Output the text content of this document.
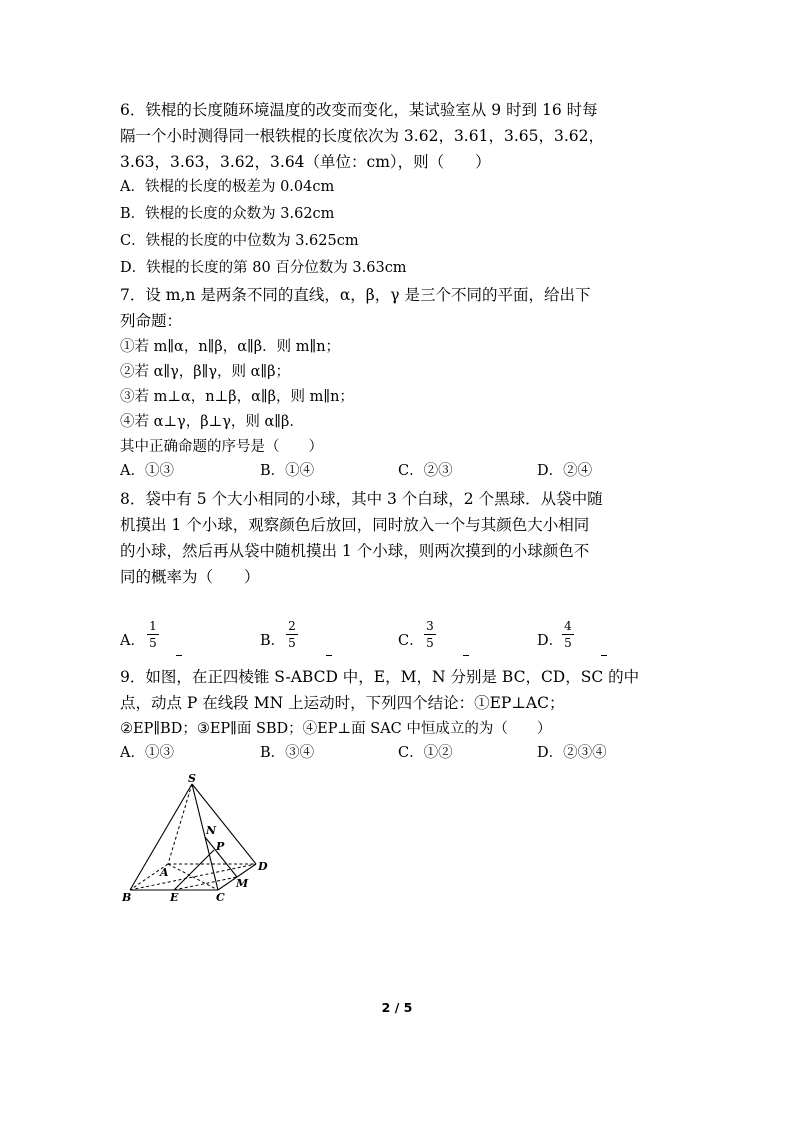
6．铁棍的长度随环境温度的改变而变化，某试验室从 9 时到 16 时每
隔一个小时测得同一根铁棍的长度依次为 3.62，3.61，3.65，3.62，
3.63，3.63，3.62，3.64（单位：cm），则（　　）
A．铁棍的长度的极差为 0.04cm
B．铁棍的长度的众数为 3.62cm
C．铁棍的长度的中位数为 3.625cm
D．铁棍的长度的第 80 百分位数为 3.63cm
7．设 m,n 是两条不同的直线，α，β，γ 是三个不同的平面，给出下
列命题：
①若 m∥α，n∥β，α∥β．则 m∥n；
②若 α∥γ，β∥γ，则 α∥β；
③若 m⊥α，n⊥β，α∥β，则 m∥n；
④若 α⊥γ，β⊥γ，则 α∥β．
其中正确命题的序号是（　　）
A．①③	B．①④	C．②③	D．②④
8．袋中有 5 个大小相同的小球，其中 3 个白球，2 个黑球．从袋中随
机摸出 1 个小球，观察颜色后放回，同时放入一个与其颜色大小相同
的小球，然后再从袋中随机摸出 1 个小球，则两次摸到的小球颜色不
同的概率为（　　）
A． $\frac{1}{5}$	B． $\frac{2}{5}$	C． $\frac{3}{5}$	D．
$\frac{4}{5}$
9．如图，在正四棱锥 S-ABCD 中，E，M，N 分别是 BC，CD，SC 的中
点，动点 P 在线段 MN 上运动时，下列四个结论：①EP⊥AC；
②EP∥BD；③EP∥面 SBD；④EP⊥面 SAC 中恒成立的为（　　）
A．①③	B．③④	C．①②	D．②③④
S
N
P
A	D
M
B	E	C
2 / 5
